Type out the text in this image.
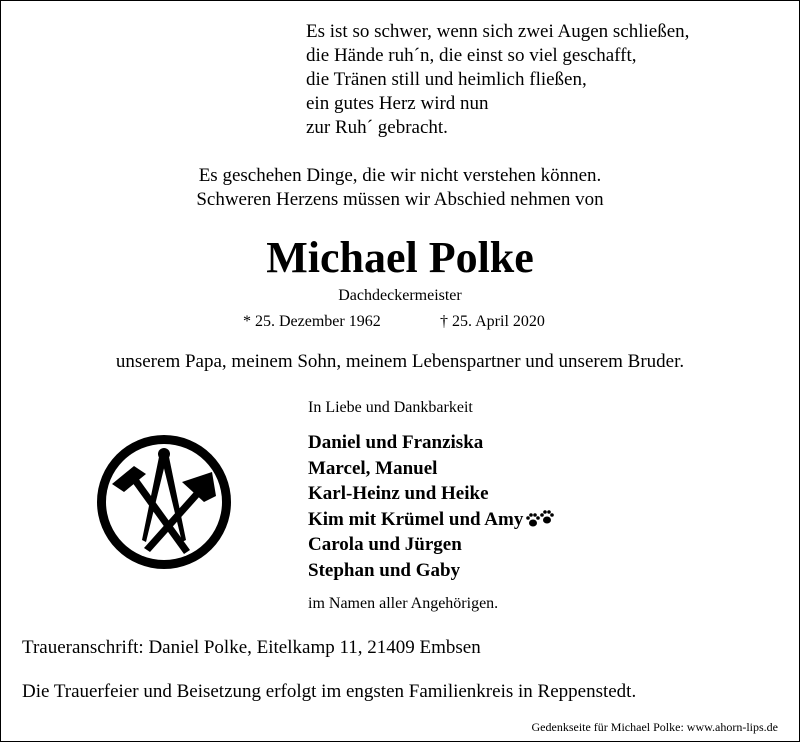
Es ist so schwer, wenn sich zwei Augen schließen,
die Hände ruh´n, die einst so viel geschafft,
die Tränen still und heimlich fließen,
ein gutes Herz wird nun
zur Ruh´ gebracht.
Es geschehen Dinge, die wir nicht verstehen können.
Schweren Herzens müssen wir Abschied nehmen von
Michael Polke
Dachdeckermeister
* 25. Dezember 1962	† 25. April 2020
unserem Papa, meinem Sohn, meinem Lebenspartner und unserem Bruder.
In Liebe und Dankbarkeit
Daniel und Franziska
Marcel, Manuel
Karl-Heinz und Heike
Kim mit Krümel und Amy
Carola und Jürgen
Stephan und Gaby
im Namen aller Angehörigen.
Traueranschrift: Daniel Polke, Eitelkamp 11, 21409 Embsen
Die Trauerfeier und Beisetzung erfolgt im engsten Familienkreis in Reppenstedt.
Gedenkseite für Michael Polke: www.ahorn-lips.de
